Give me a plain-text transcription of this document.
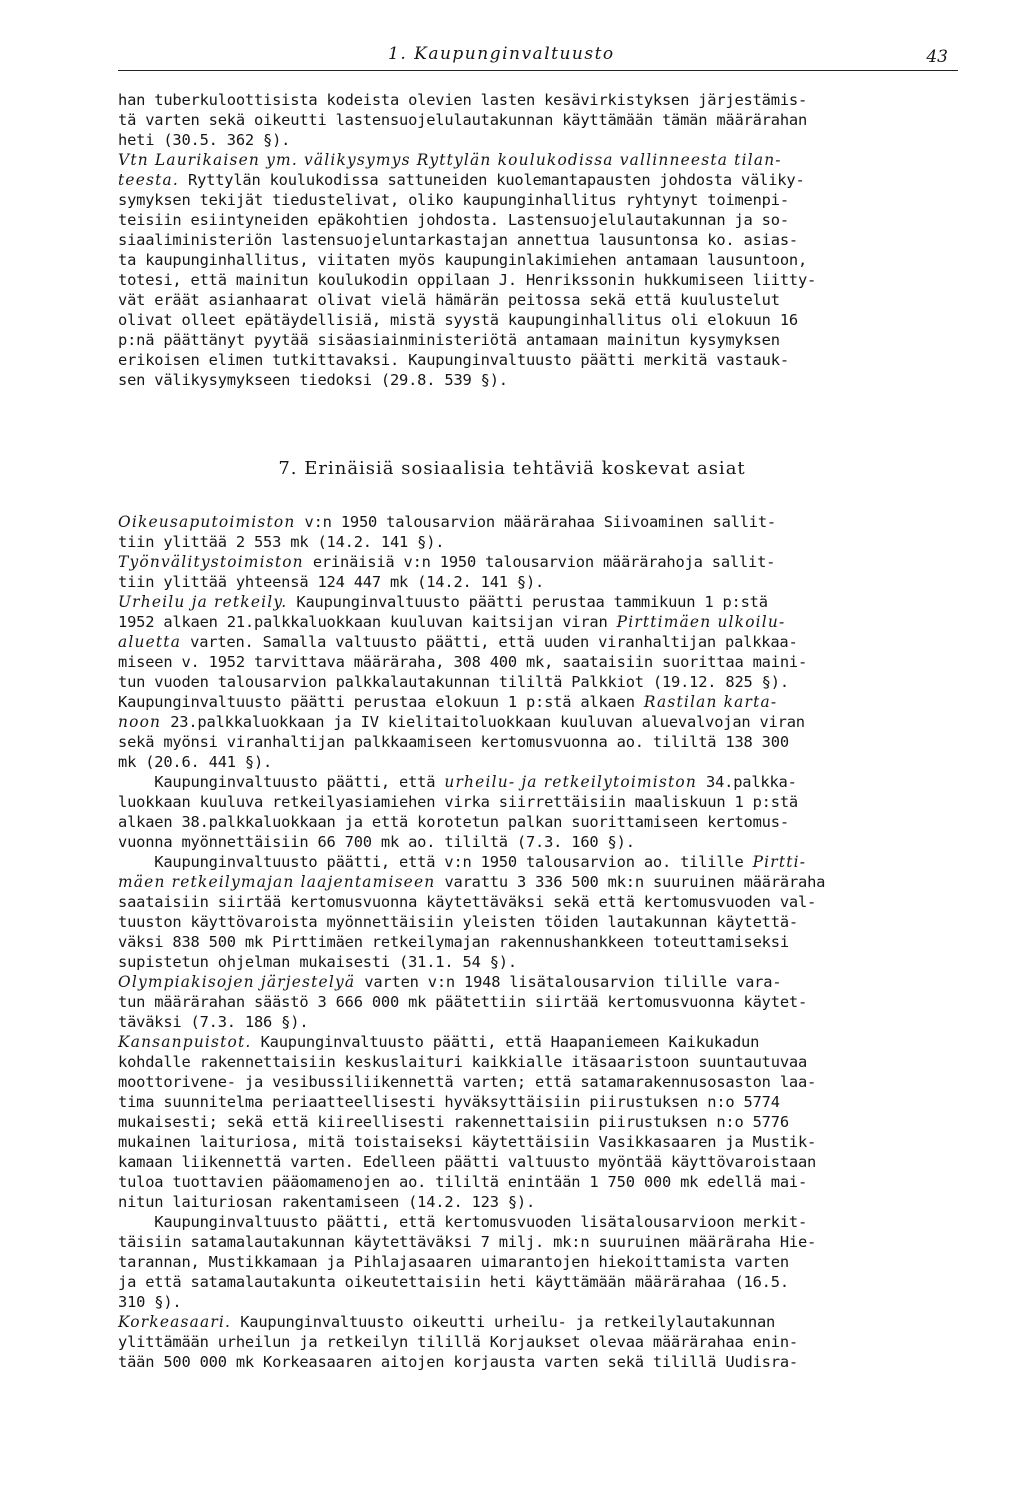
1. Kaupunginvaltuusto	43
han tuberkuloottisista kodeista olevien lasten kesävirkistyksen järjestämis-
tä varten sekä oikeutti lastensuojelulautakunnan käyttämään tämän määrärahan
heti (30.5. 362 §).
Vtn Laurikaisen ym. välikysymys Ryttylän koulukodissa vallinneesta tilan-
teesta. Ryttylän koulukodissa sattuneiden kuolemantapausten johdosta väliky-
symyksen tekijät tiedustelivat, oliko kaupunginhallitus ryhtynyt toimenpi-
teisiin esiintyneiden epäkohtien johdosta. Lastensuojelulautakunnan ja so-
siaaliministeriön lastensuojeluntarkastajan annettua lausuntonsa ko. asias-
ta kaupunginhallitus, viitaten myös kaupunginlakimiehen antamaan lausuntoon,
totesi, että mainitun koulukodin oppilaan J. Henrikssonin hukkumiseen liitty-
vät eräät asianhaarat olivat vielä hämärän peitossa sekä että kuulustelut
olivat olleet epätäydellisiä, mistä syystä kaupunginhallitus oli elokuun 16
p:nä päättänyt pyytää sisäasiainministeriötä antamaan mainitun kysymyksen
erikoisen elimen tutkittavaksi. Kaupunginvaltuusto päätti merkitä vastauk-
sen välikysymykseen tiedoksi (29.8. 539 §).
7. Erinäisiä sosiaalisia tehtäviä koskevat asiat
Oikeusaputoimiston v:n 1950 talousarvion määrärahaa Siivoaminen sallit-
tiin ylittää 2 553 mk (14.2. 141 §).
Työnvälitystoimiston erinäisiä v:n 1950 talousarvion määrärahoja sallit-
tiin ylittää yhteensä 124 447 mk (14.2. 141 §).
Urheilu ja retkeily. Kaupunginvaltuusto päätti perustaa tammikuun 1 p:stä
1952 alkaen 21.palkkaluokkaan kuuluvan kaitsijan viran Pirttimäen ulkoilu-
aluetta varten. Samalla valtuusto päätti, että uuden viranhaltijan palkkaa-
miseen v. 1952 tarvittava määräraha, 308 400 mk, saataisiin suorittaa maini-
tun vuoden talousarvion palkkalautakunnan tililtä Palkkiot (19.12. 825 §).
Kaupunginvaltuusto päätti perustaa elokuun 1 p:stä alkaen Rastilan karta-
noon 23.palkkaluokkaan ja IV kielitaitoluokkaan kuuluvan aluevalvojan viran
sekä myönsi viranhaltijan palkkaamiseen kertomusvuonna ao. tililtä 138 300
mk (20.6. 441 §).
Kaupunginvaltuusto päätti, että urheilu- ja retkeilytoimiston 34.palkka-
luokkaan kuuluva retkeilyasiamiehen virka siirrettäisiin maaliskuun 1 p:stä
alkaen 38.palkkaluokkaan ja että korotetun palkan suorittamiseen kertomus-
vuonna myönnettäisiin 66 700 mk ao. tililtä (7.3. 160 §).
Kaupunginvaltuusto päätti, että v:n 1950 talousarvion ao. tilille Pirtti-
mäen retkeilymajan laajentamiseen varattu 3 336 500 mk:n suuruinen määräraha
saataisiin siirtää kertomusvuonna käytettäväksi sekä että kertomusvuoden val-
tuuston käyttövaroista myönnettäisiin yleisten töiden lautakunnan käytettä-
väksi 838 500 mk Pirttimäen retkeilymajan rakennushankkeen toteuttamiseksi
supistetun ohjelman mukaisesti (31.1. 54 §).
Olympiakisojen järjestelyä varten v:n 1948 lisätalousarvion tilille vara-
tun määrärahan säästö 3 666 000 mk päätettiin siirtää kertomusvuonna käytet-
täväksi (7.3. 186 §).
Kansanpuistot. Kaupunginvaltuusto päätti, että Haapaniemeen Kaikukadun
kohdalle rakennettaisiin keskuslaituri kaikkialle itäsaaristoon suuntautuvaa
moottorivene- ja vesibussiliikennettä varten; että satamarakennusosaston laa-
tima suunnitelma periaatteellisesti hyväksyttäisiin piirustuksen n:o 5774
mukaisesti; sekä että kiireellisesti rakennettaisiin piirustuksen n:o 5776
mukainen laituriosa, mitä toistaiseksi käytettäisiin Vasikkasaaren ja Mustik-
kamaan liikennettä varten. Edelleen päätti valtuusto myöntää käyttövaroistaan
tuloa tuottavien pääomamenojen ao. tililtä enintään 1 750 000 mk edellä mai-
nitun laituriosan rakentamiseen (14.2. 123 §).
Kaupunginvaltuusto päätti, että kertomusvuoden lisätalousarvioon merkit-
täisiin satamalautakunnan käytettäväksi 7 milj. mk:n suuruinen määräraha Hie-
tarannan, Mustikkamaan ja Pihlajasaaren uimarantojen hiekoittamista varten
ja että satamalautakunta oikeutettaisiin heti käyttämään määrärahaa (16.5.
310 §).
Korkeasaari. Kaupunginvaltuusto oikeutti urheilu- ja retkeilylautakunnan
ylittämään urheilun ja retkeilyn tilillä Korjaukset olevaa määrärahaa enin-
tään 500 000 mk Korkeasaaren aitojen korjausta varten sekä tilillä Uudisra-
